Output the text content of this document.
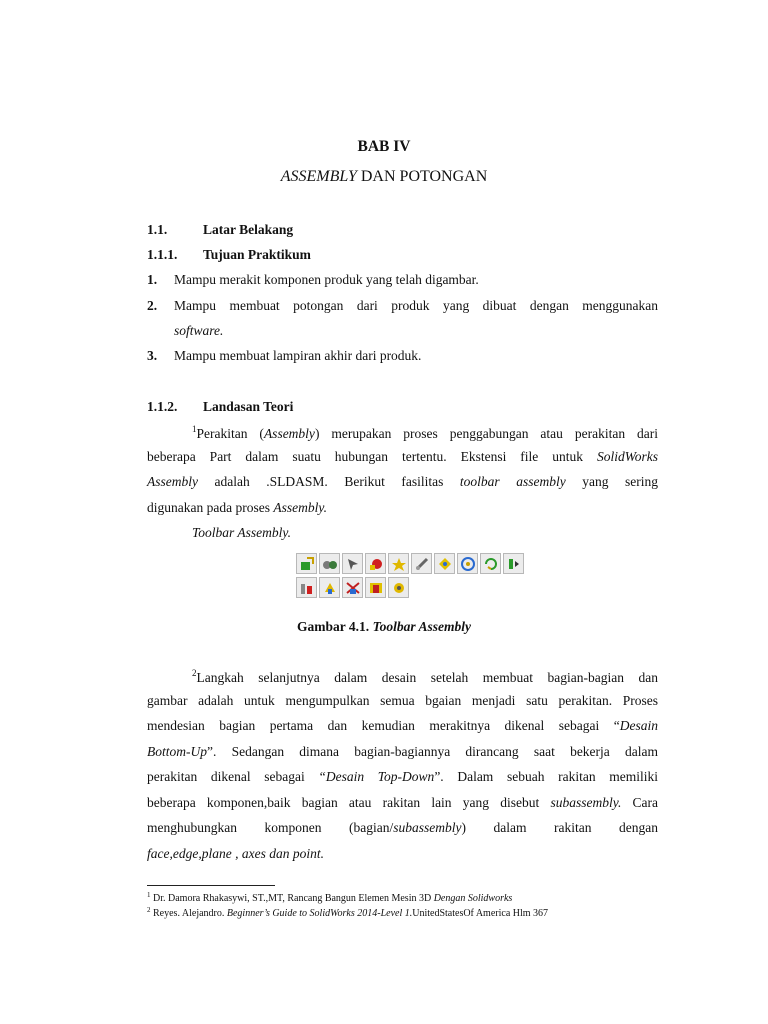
BAB IV
ASSEMBLY DAN POTONGAN
1.1.	Latar Belakang
1.1.1. Tujuan Praktikum
1. Mampu merakit komponen produk yang telah digambar.
2. Mampu membuat potongan dari produk yang dibuat dengan menggunakan
software.
3. Mampu membuat lampiran akhir dari produk.
1.1.2. Landasan Teori
$^1$Perakitan (Assembly) merupakan proses penggabungan atau perakitan dari
beberapa Part dalam suatu hubungan tertentu. Ekstensi file untuk SolidWorks
Assembly adalah .SLDASM. Berikut fasilitas toolbar assembly yang sering
digunakan pada proses Assembly.
Toolbar Assembly.
Gambar 4.1. Toolbar Assembly
$^2$Langkah selanjutnya dalam desain setelah membuat bagian-bagian dan
gambar adalah untuk mengumpulkan semua bgaian menjadi satu perakitan. Proses
mendesian bagian pertama dan kemudian merakitnya dikenal sebagai “Desain
Bottom-Up”. Sedangan dimana bagian-bagiannya dirancang saat bekerja dalam
perakitan dikenal sebagai “Desain Top-Down”. Dalam sebuah rakitan memiliki
beberapa komponen,baik bagian atau rakitan lain yang disebut subassembly. Cara
menghubungkan komponen (bagian/subassembly) dalam rakitan dengan
face,edge,plane , axes dan point.
$^1$ Dr. Damora Rhakasywi, ST.,MT, Rancang Bangun Elemen Mesin 3D Dengan Solidworks
$^2$ Reyes. Alejandro. Beginner’s Guide to SolidWorks 2014-Level 1.UnitedStatesOf America Hlm 367
